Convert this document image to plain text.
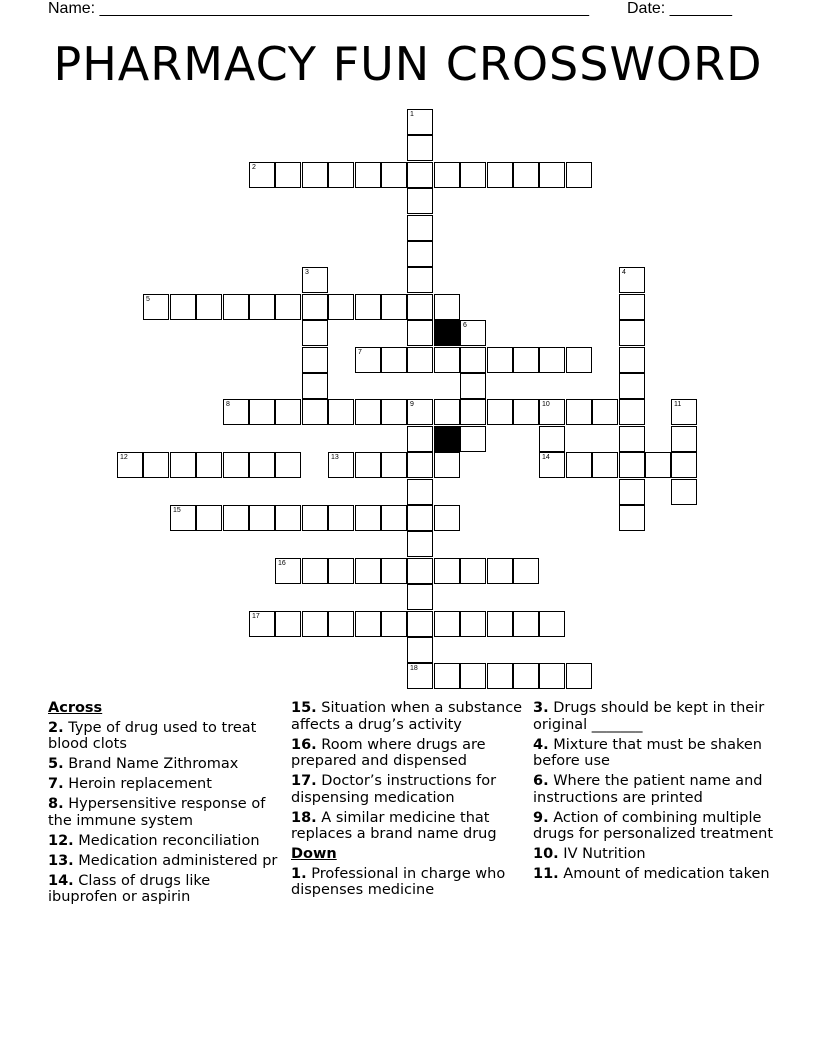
Name: _______________________________________________________ Date: _______
PHARMACY FUN CROSSWORD
1
2
3	4
5
6
7
8	9	10
18
14
11
12	13
15
16
17
Across
2. Type of drug used to treat blood clots
5. Brand Name Zithromax
7. Heroin replacement
8. Hypersensitive response of the immune system
12. Medication reconciliation
13. Medication administered pr
14. Class of drugs like ibuprofen or aspirin
15. Situation when a substance affects a drug’s activity
16. Room where drugs are prepared and dispensed
17. Doctor’s instructions for dispensing medication
18. A similar medicine that replaces a brand name drug
Down
1. Professional in charge who dispenses medicine
3. Drugs should be kept in their original _______
4. Mixture that must be shaken before use
6. Where the patient name and instructions are printed
9. Action of combining multiple drugs for personalized treatment
10. IV Nutrition
11. Amount of medication taken
